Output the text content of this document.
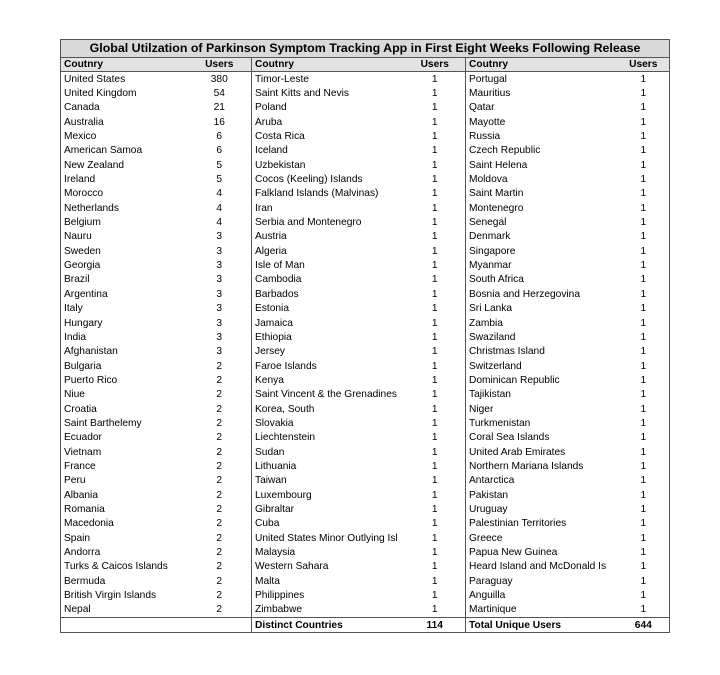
Global Utilzation of Parkinson Symptom Tracking App in First Eight Weeks Following Release					
Coutnry	Users	Coutnry	Users	Coutnry	Users
United States	380	Timor-Leste	1	Portugal	1
United Kingdom	54	Saint Kitts and Nevis	1	Mauritius	1
Canada	21	Poland	1	Qatar	1
Australia	16	Aruba	1	Mayotte	1
Mexico	6	Costa Rica	1	Russia	1
American Samoa	6	Iceland	1	Czech Republic	1
New Zealand	5	Uzbekistan	1	Saint Helena	1
Ireland	5	Cocos (Keeling) Islands	1	Moldova	1
Morocco	4	Falkland Islands (Malvinas)	1	Saint Martin	1
Netherlands	4	Iran	1	Montenegro	1
Belgium	4	Serbia and Montenegro	1	Senegal	1
Nauru	3	Austria	1	Denmark	1
Sweden	3	Algeria	1	Singapore	1
Georgia	3	Isle of Man	1	Myanmar	1
Brazil	3	Cambodia	1	South Africa	1
Argentina	3	Barbados	1	Bosnia and Herzegovina	1
Italy	3	Estonia	1	Sri Lanka	1
Hungary	3	Jamaica	1	Zambia	1
India	3	Ethiopia	1	Swaziland	1
Afghanistan	3	Jersey	1	Christmas Island	1
Bulgaria	2	Faroe Islands	1	Switzerland	1
Puerto Rico	2	Kenya	1	Dominican Republic	1
Niue	2	Saint Vincent & the Grenadines	1	Tajikistan	1
Croatia	2	Korea, South	1	Niger	1
Saint Barthelemy	2	Slovakia	1	Turkmenistan	1
Ecuador	2	Liechtenstein	1	Coral Sea Islands	1
Vietnam	2	Sudan	1	United Arab Emirates	1
France	2	Lithuania	1	Northern Mariana Islands	1
Peru	2	Taiwan	1	Antarctica	1
Albania	2	Luxembourg	1	Pakistan	1
Romania	2	Gibraltar	1	Uruguay	1
Macedonia	2	Cuba	1	Palestinian Territories	1
Spain	2	United States Minor Outlying Isl	1	Greece	1
Andorra	2	Malaysia	1	Papua New Guinea	1
Turks & Caicos Islands	2	Western Sahara	1	Heard Island and McDonald Is	1
Bermuda	2	Malta	1	Paraguay	1
British Virgin Islands	2	Philippines	1	Anguilla	1
Nepal	2	Zimbabwe	1	Martinique	1
		Distinct Countries	114	Total Unique Users	644
